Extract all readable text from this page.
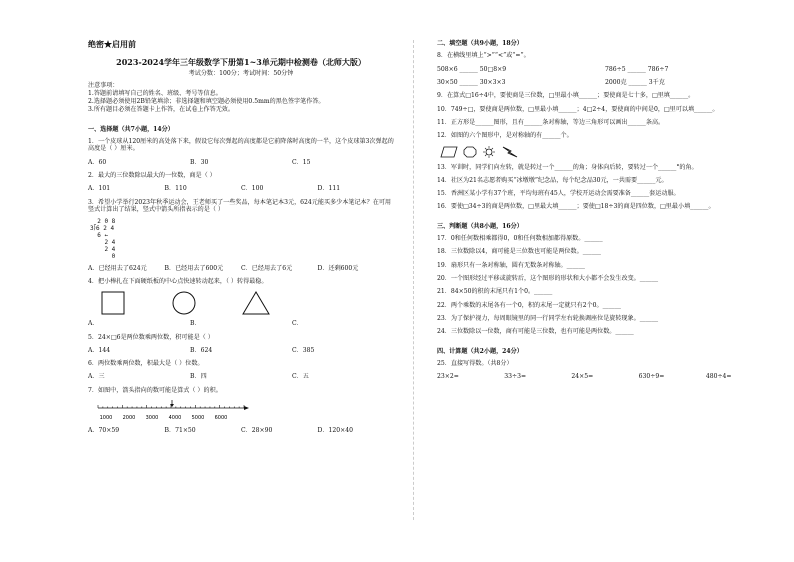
绝密★启用前
2023-2024学年三年级数学下册第1~3单元期中检测卷（北师大版）
考试分数：100分；考试时间：50分钟
注意事项：
1.答题前请填写自己的姓名、班级、考号等信息。
2.选择题必须使用2B铅笔填涂；非选择题和填空题必须使用0.5mm的黑色签字笔作答。
3.所有题目必须在答题卡上作答，在试卷上作答无效。
一、选择题（共7小题，14分）
1．一个皮球从120厘米的高处落下来，假设它每次弹起的高度都是它前降落时高度的一半，这个皮球第3次弹起的高度是（ ）厘米。
A．60	B．30	C．15
2．最大的三位数除以最大的一位数，商是（ ）
A．101	B．110	C．100	D．111
3．希望小学举行2023年秋季运动会，王老师买了一些奖品，每本笔记本3元，624元能买多少本笔记本？在可用竖式计算出了结果，竖式中箭头所指表示的是（ ）
2 0 8
3⟌6 2 4
6 ←
2 4
2 4
0
A．已经用去了624元	B．已经用去了600元	C．已经用去了6元	D．还剩600元
4．把小棒扎在下面硬纸板的中心点快速转动起来，（ ）转得最稳。
A．	B．	C．
5．24×□6是两位数乘两位数，积可能是（ ）
A．144	B．624	C．385
6．两位数乘两位数，积最大是（ ）位数。
A．三	B．四	C．五
7．如图中，箭头指向的数可能是算式（ ）的积。
1000 2000 3000 4000 5000 6000
A．70×59	B．71×50	C．28×90	D．120×40
二、填空题（共9小题，18分）
8．在横线里填上“>”“<”或“=”。
508×6 ______ 50□8×9	786÷5 ______ 786÷7
30×50 ______ 30×3×3	2000克 ______ 3千克
9．在算式□16÷4中，要使商是三位数，□里最小填______；要使商是七十多，□里填______。
10．749÷□，要使商是两位数，□里最小填______；4□2÷4，要使商的中间是0，□里可以填______。
11．正方形是______图形，且有______条对称轴，等边三角形可以画出______条高。
12．如图的六个图形中，是对称轴的有______个。
13．军训时，同学们向左转，就是转过一个______的角；身体向后转，要转过一个______°的角。
14．社区为21名志愿者购买“冰墩墩”纪念品，每个纪念品30元，一共需要______元。
15．香洲区某小学有37个班，平均每班有45人，学校开运动会需要准备______套运动服。
16．要使□34÷3的商是两位数，□里最大填______；要使□18÷3的商是四位数，□里最小填______。
三、判断题（共8小题，16分）
17．0和任何数相乘都得0，0和任何数相加都得原数。______
18．三位数除以4，商可能是三位数也可能是两位数。______
19．扇形只有一条对称轴，圆有无数条对称轴。______
20．一个图形经过平移或旋转后，这个图形的形状和大小都不会发生改变。______
21．84×50的积的末尾只有1个0。______
22．两个乘数的末尾各有一个0，积的末尾一定就只有2个0。______
23．为了保护视力，每周眼镜里的同一行同学左右轮换调座位是旋转现象。______
24．三位数除以一位数，商有可能是三位数，也有可能是两位数。______
四、计算题（共2小题，24分）
25．直接写得数。（共8分）
23×2=	33÷3=	24×5=	630÷9=	480÷4=
